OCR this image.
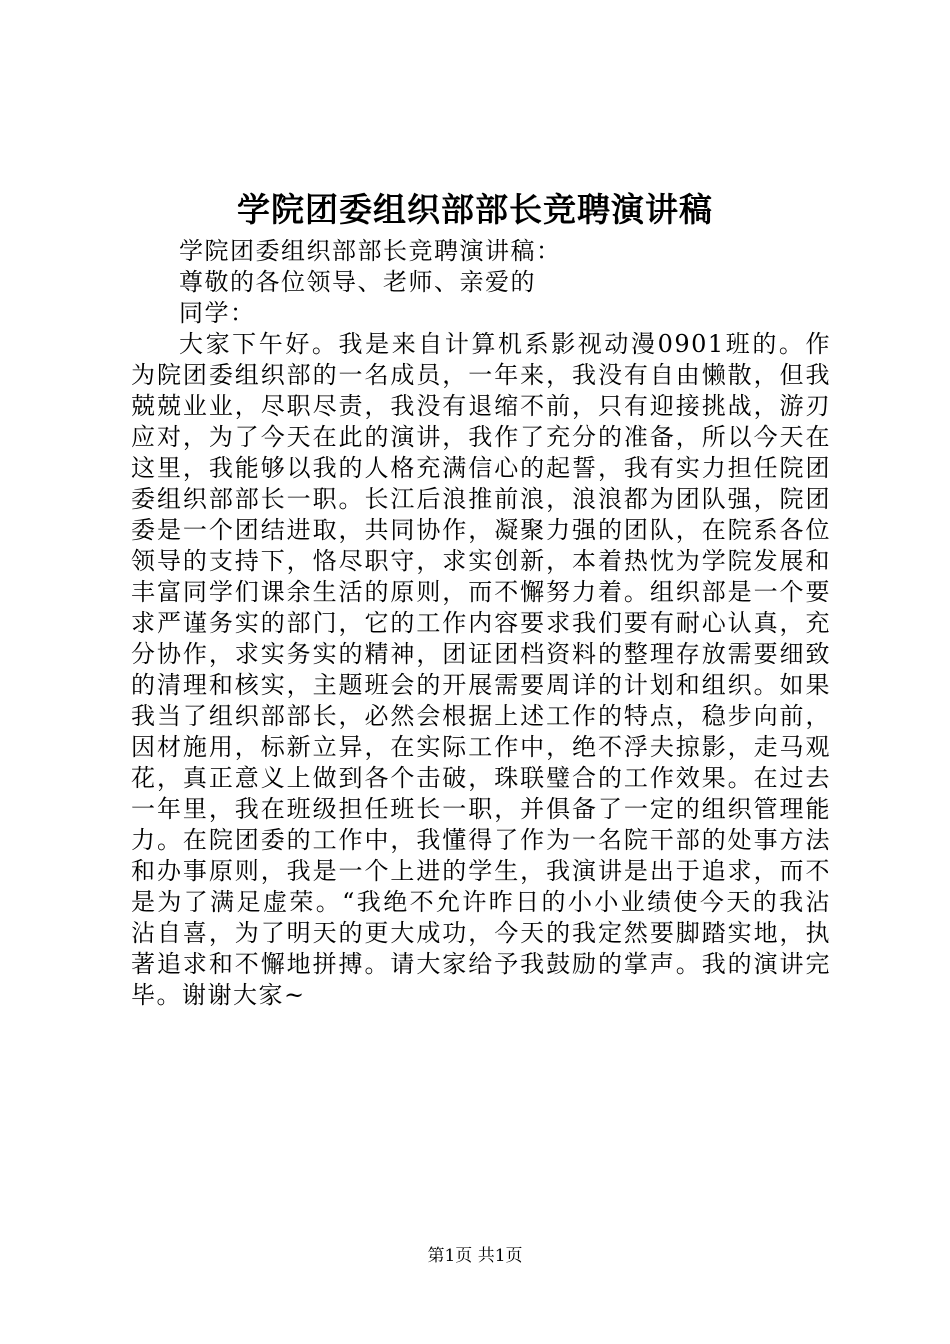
学院团委组织部部长竞聘演讲稿

学院团委组织部部长竞聘演讲稿：

尊敬的各位领导、老师、亲爱的

同学：

大家下午好。我是来自计算机系影视动漫0901班的。作为院团委组织部的一名成员，一年来，我没有自由懒散，但我兢兢业业，尽职尽责，我没有退缩不前，只有迎接挑战，游刃应对，为了今天在此的演讲，我作了充分的准备，所以今天在这里，我能够以我的人格充满信心的起誓，我有实力担任院团委组织部部长一职。长江后浪推前浪，浪浪都为团队强，院团委是一个团结进取，共同协作，凝聚力强的团队，在院系各位领导的支持下，恪尽职守，求实创新，本着热忱为学院发展和丰富同学们课余生活的原则，而不懈努力着。组织部是一个要求严谨务实的部门，它的工作内容要求我们要有耐心认真，充分协作，求实务实的精神，团证团档资料的整理存放需要细致的清理和核实，主题班会的开展需要周详的计划和组织。如果我当了组织部部长，必然会根据上述工作的特点，稳步向前，因材施用，标新立异，在实际工作中，绝不浮夫掠影，走马观花，真正意义上做到各个击破，珠联璧合的工作效果。在过去一年里，我在班级担任班长一职，并俱备了一定的组织管理能力。在院团委的工作中，我懂得了作为一名院干部的处事方法和办事原则，我是一个上进的学生，我演讲是出于追求，而不是为了满足虚荣。“我绝不允许昨日的小小业绩使今天的我沾沾自喜，为了明天的更大成功，今天的我定然要脚踏实地，执著追求和不懈地拼搏。请大家给予我鼓励的掌声。我的演讲完毕。谢谢大家~

第1页 共1页
